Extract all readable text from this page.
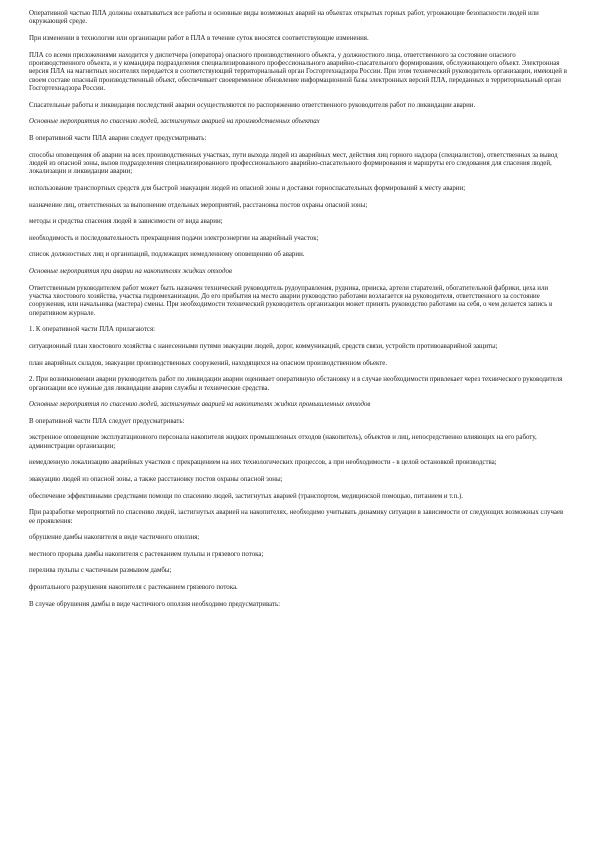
Оперативной частью ПЛА должны охватываться все работы и основные виды возможных аварий на объектах открытых горных работ, угрожающие безопасности людей или окружающей среде.

При изменении в технологии или организации работ в ПЛА в течение суток вносятся соответствующие изменения.

ПЛА со всеми приложениями находится у диспетчера (оператора) опасного производственного объекта, у должностного лица, ответственного за состояние опасного производственного объекта, и у командира подразделения специализированного профессионального аварийно-спасательного формирования, обслуживающего объект. Электронная версия ПЛА на магнитных носителях передается в соответствующий территориальный орган Госгортехнадзора России. При этом технический руководитель организации, имеющей в своем составе опасный производственный объект, обеспечивает своевременное обновление информационной базы электронных версий ПЛА, переданных в территориальный орган Госгортехнадзора России.

Спасательные работы и ликвидация последствий аварии осуществляются по распоряжению ответственного руководителя работ по ликвидации аварии.

Основные мероприятия по спасению людей, застигнутых аварией на производственных объектах

В оперативной части ПЛА аварии следует предусматривать:

способы оповещения об аварии на всех производственных участках, пути выхода людей из аварийных мест, действия лиц горного надзора (специалистов), ответственных за вывод людей из опасной зоны, вызов подразделения специализированного профессионального аварийно-спасательного формирования и маршруты его следования для спасения людей, локализации и ликвидации аварии;

использование транспортных средств для быстрой эвакуации людей из опасной зоны и доставки горноспасательных формирований к месту аварии;

назначение лиц, ответственных за выполнение отдельных мероприятий, расстановка постов охраны опасной зоны;

методы и средства спасения людей в зависимости от вида аварии;

необходимость и последовательность прекращения подачи электроэнергии на аварийный участок;

список должностных лиц и организаций, подлежащих немедленному оповещению об аварии.

Основные мероприятия при аварии на накопителях жидких отходов

Ответственным руководителем работ может быть назначен технический руководитель рудоуправления, рудника, прииска, артели старателей, обогатительной фабрики, цеха или участка хвостового хозяйства, участка гидромеханизации. До его прибытия на место аварии руководство работами возлагается на руководителя, ответственного за состояние сооружения, или начальника (мастера) смены. При необходимости технический руководитель организации может принять руководство работами на себя, о чем делается запись в оперативном журнале.

1. К оперативной части ПЛА прилагаются:

ситуационный план хвостового хозяйства с нанесенными путями эвакуации людей, дорог, коммуникаций, средств связи, устройств противоаварийной защиты;

план аварийных складов, эвакуации производственных сооружений, находящихся на опасном производственном объекте.

2. При возникновении аварии руководитель работ по ликвидации аварии оценивает оперативную обстановку и в случае необходимости привлекает через технического руководителя организации все нужные для ликвидации аварии службы и технические средства.

Основные мероприятия по спасению людей, застигнутых аварией на накопителях жидких промышленных отходов

В оперативной части ПЛА следует предусматривать:

экстренное оповещение эксплуатационного персонала накопителя жидких промышленных отходов (накопитель), объектов и лиц, непосредственно влияющих на его работу, администрации организации;

немедленную локализацию аварийных участков с прекращением на них технологических процессов, а при необходимости - в целой остановкой производства;

эвакуацию людей из опасной зоны, а также расстановку постов охраны опасной зоны;

обеспечение эффективными средствами помощи по спасению людей, застигнутых аварией (транспортом, медицинской помощью, питанием и т.п.).

При разработке мероприятий по спасению людей, застигнутых аварией на накопителях, необходимо учитывать динамику ситуации в зависимости от следующих возможных случаев ее проявления:

обрушение дамбы накопителя в виде частичного оползня;

местного прорыва дамбы накопителя с растеканием пульпы и грязевого потока;

перелива пульпы с частичным размывом дамбы;

фронтального разрушения накопителя с растеканием грязевого потока.

В случае обрушения дамбы в виде частичного оползня необходимо предусматривать:
